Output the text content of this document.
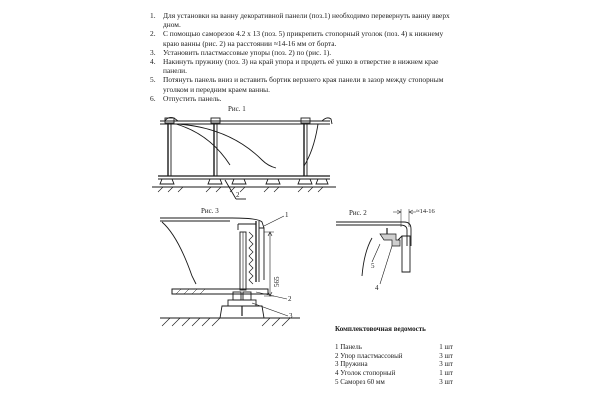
1.	Для установки на ванну декоративной панели (поз.1) необходимо перевернуть ванну вверх дном.
2.	С помощью саморезов 4.2 х 13 (поз. 5) прикрепить стопорный уголок (поз. 4) к нижнему краю ванны (рис. 2) на расстоянии ≈14-16 мм от борта.
3.	Установить пластмассовые упоры (поз. 2) по (рис. 1).
4.	Накинуть пружину (поз. 3) на край упора и продеть её ушко в отверстие в нижнем крае панели.
5.	Потянуть панель вниз и вставить бортик верхнего края панели в зазор между стопорным уголком и передним краем ванны.
6.	Отпустить панель.
Рис. 1
2
Рис. 3
565
1
2
3
Рис. 2	≈14-16
5
4
Комплектовочная ведомость
1 Панель	1 шт
2 Упор пластмассовый	3 шт
3 Пружина	3 шт
4 Уголок стопорный	1 шт
5 Саморез 60 мм	3 шт
